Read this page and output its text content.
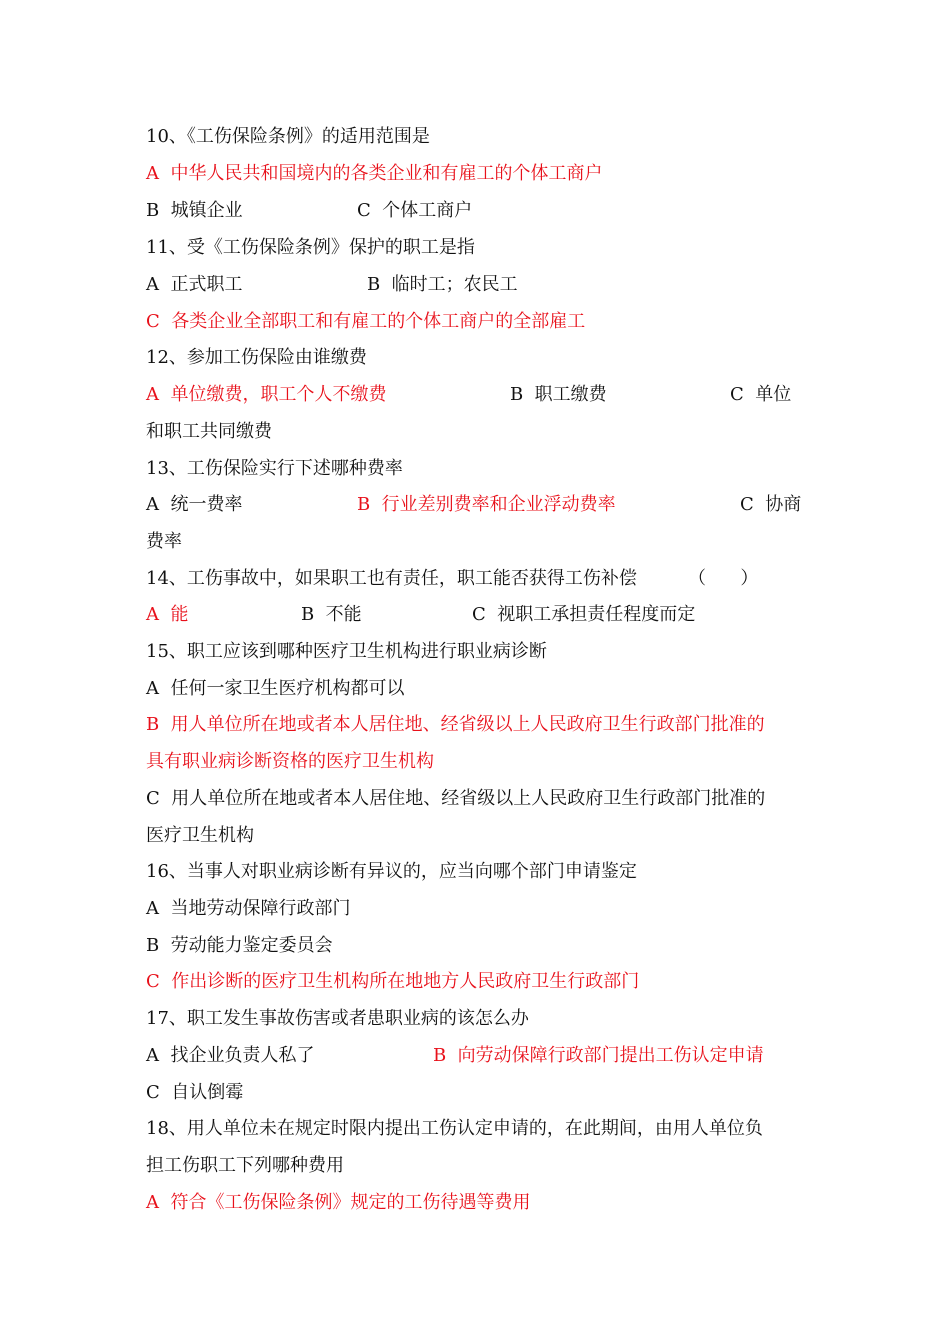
10、《工伤保险条例》的适用范围是
A  中华人民共和国境内的各类企业和有雇工的个体工商户
B  城镇企业	C  个体工商户
11、受《工伤保险条例》保护的职工是指
A  正式职工	B  临时工；农民工
C  各类企业全部职工和有雇工的个体工商户的全部雇工
12、参加工伤保险由谁缴费
A  单位缴费，职工个人不缴费	B  职工缴费	C  单位
和职工共同缴费
13、工伤保险实行下述哪种费率
A  统一费率	B  行业差别费率和企业浮动费率	C  协商
费率
14、工伤事故中，如果职工也有责任，职工能否获得工伤补偿	（      ）
A  能	B  不能	C  视职工承担责任程度而定
15、职工应该到哪种医疗卫生机构进行职业病诊断
A  任何一家卫生医疗机构都可以
B  用人单位所在地或者本人居住地、经省级以上人民政府卫生行政部门批准的
具有职业病诊断资格的医疗卫生机构
C  用人单位所在地或者本人居住地、经省级以上人民政府卫生行政部门批准的
医疗卫生机构
16、当事人对职业病诊断有异议的，应当向哪个部门申请鉴定
A  当地劳动保障行政部门
B  劳动能力鉴定委员会
C  作出诊断的医疗卫生机构所在地地方人民政府卫生行政部门
17、职工发生事故伤害或者患职业病的该怎么办
A  找企业负责人私了	B  向劳动保障行政部门提出工伤认定申请
C  自认倒霉
18、用人单位未在规定时限内提出工伤认定申请的，在此期间，由用人单位负
担工伤职工下列哪种费用
A  符合《工伤保险条例》规定的工伤待遇等费用
